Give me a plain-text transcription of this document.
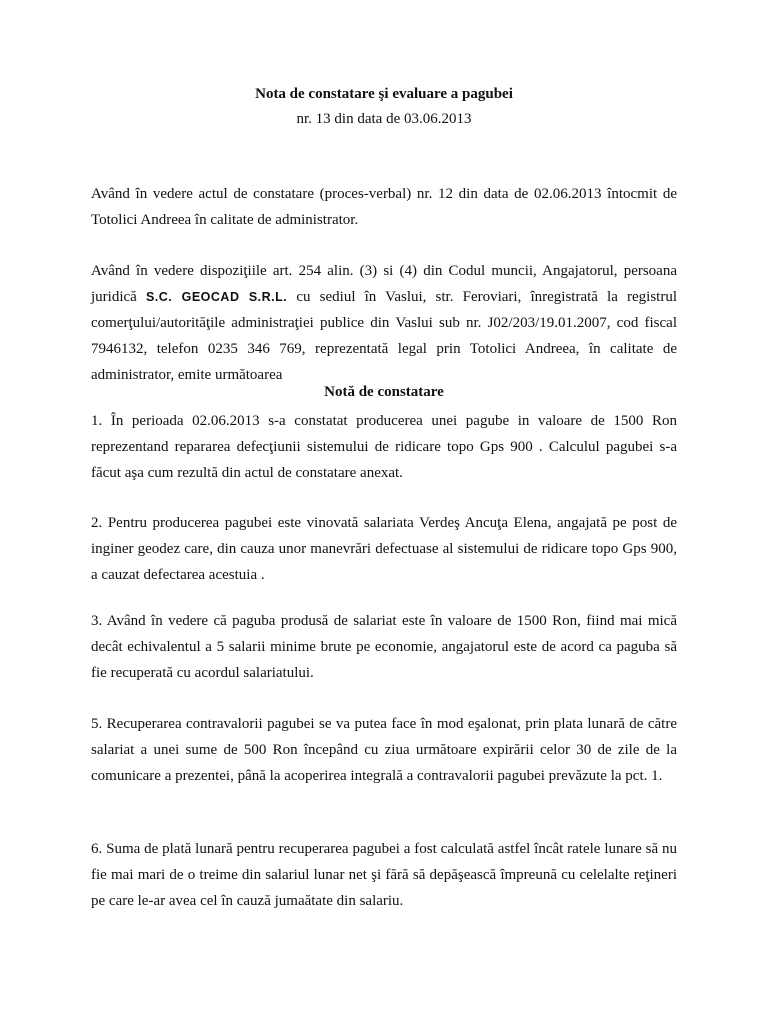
Nota de constatare şi evaluare a pagubei

nr. 13 din data de 03.06.2013

Având în vedere actul de constatare (proces-verbal) nr. 12 din data de 02.06.2013 întocmit de Totolici Andreea în calitate de administrator.

Având în vedere dispoziţiile art. 254 alin. (3) si (4) din Codul muncii, Angajatorul, persoana juridică S.C. GEOCAD S.R.L. cu sediul în Vaslui, str. Feroviari, înregistrată la registrul comerţului/autorităţile administraţiei publice din Vaslui sub nr. J02/203/19.01.2007, cod fiscal 7946132, telefon 0235 346 769, reprezentată legal prin Totolici Andreea, în calitate de administrator, emite următoarea

Notă de constatare

1. În perioada 02.06.2013 s-a constatat producerea unei pagube in valoare de 1500 Ron reprezentand repararea defecţiunii sistemului de ridicare topo Gps 900 . Calculul pagubei s-a făcut aşa cum rezultă din actul de constatare anexat.

2. Pentru producerea pagubei este vinovată salariata Verdeş Ancuţa Elena, angajată pe post de inginer geodez care, din cauza unor manevrări defectuase al sistemului de ridicare topo Gps 900, a cauzat defectarea acestuia .

3. Având în vedere că paguba produsă de salariat este în valoare de 1500 Ron, fiind mai mică decât echivalentul a 5 salarii minime brute pe economie, angajatorul este de acord ca paguba să fie recuperată cu acordul salariatului.

5. Recuperarea contravalorii pagubei se va putea face în mod eşalonat, prin plata lunară de către salariat a unei sume de 500 Ron începând cu ziua următoare expirării celor 30 de zile de la comunicare a prezentei, până la acoperirea integrală a contravalorii pagubei prevăzute la pct. 1.

6. Suma de plată lunară pentru recuperarea pagubei a fost calculată astfel încât ratele lunare să nu fie mai mari de o treime din salariul lunar net şi fără să depăşească împreună cu celelalte reţineri pe care le-ar avea cel în cauză jumaătate din salariu.
